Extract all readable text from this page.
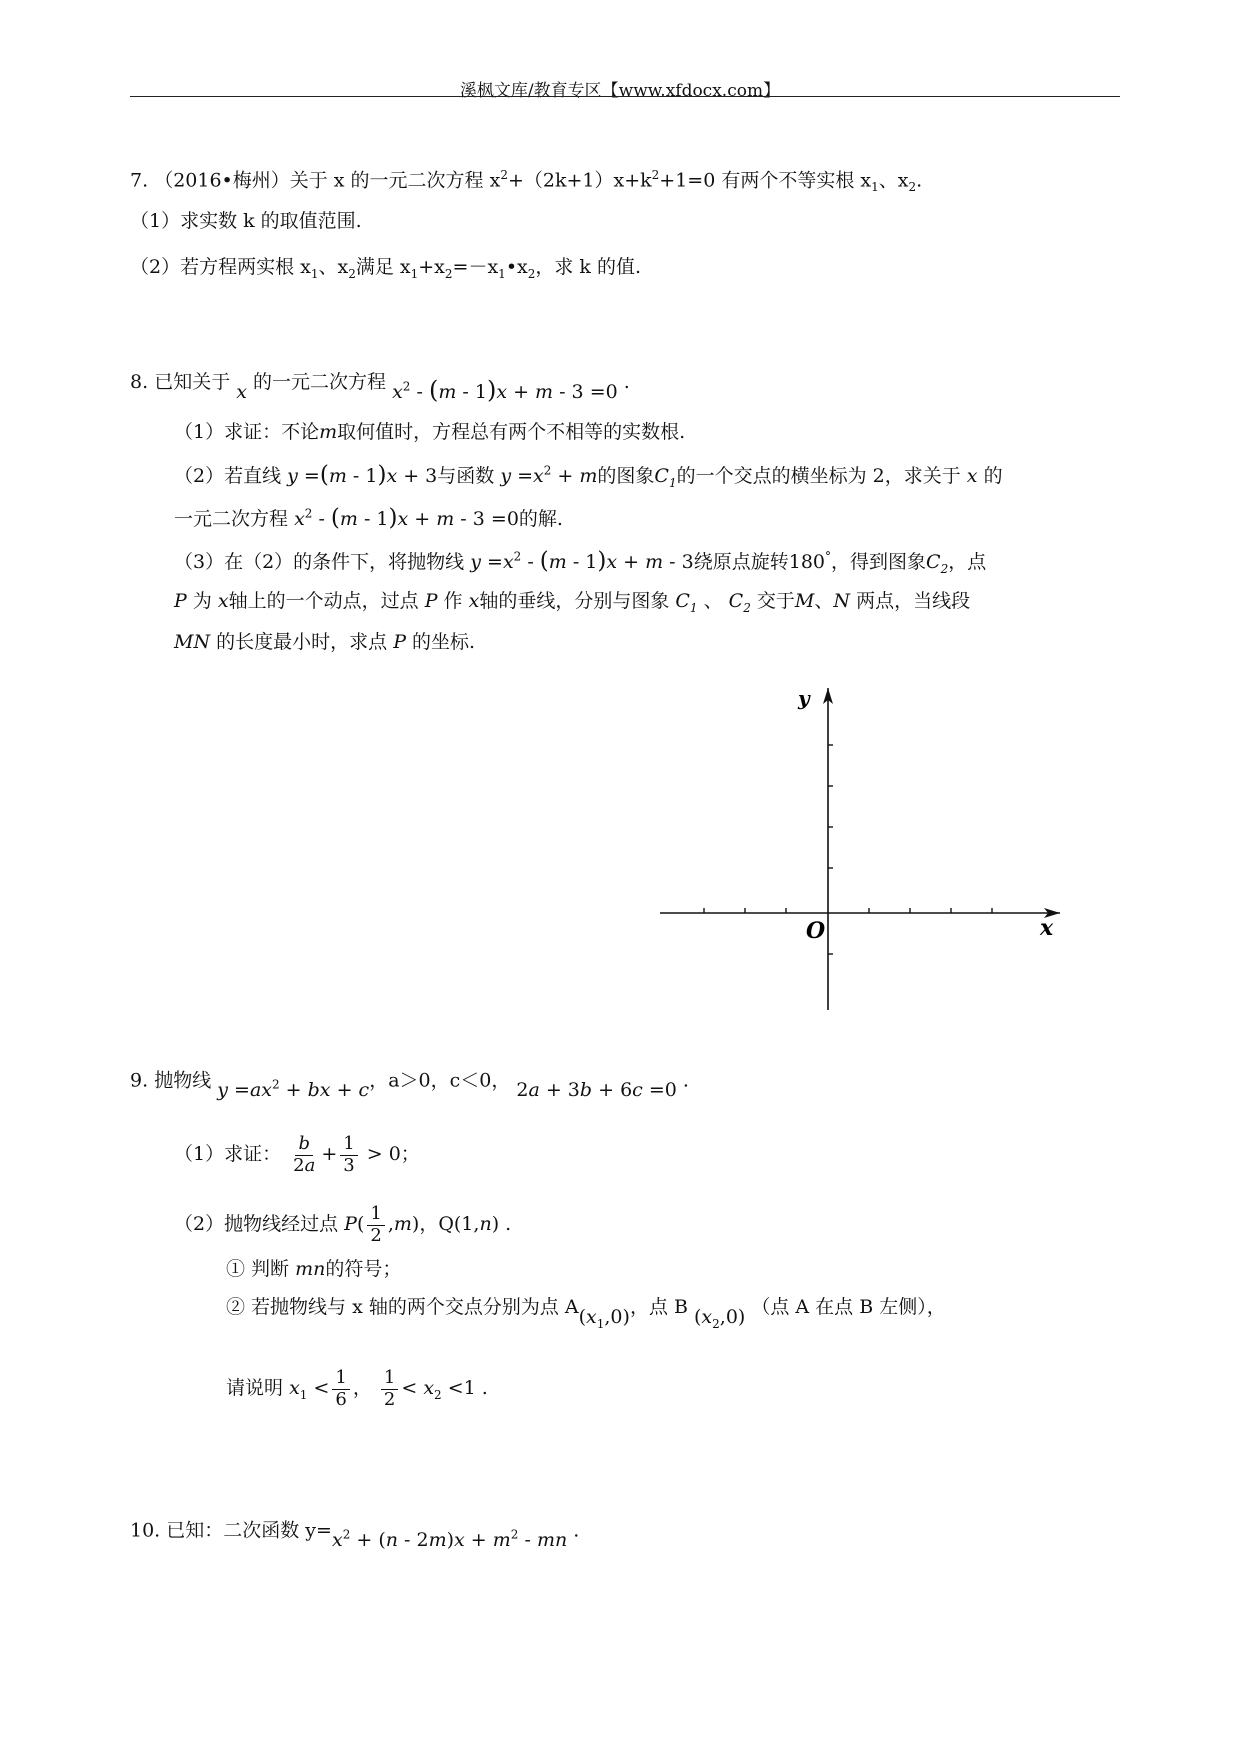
溪枫文库/教育专区【www.xfdocx.com】
7. （2016•梅州）关于 x 的一元二次方程 $x^2+(2k+1)x+k^2+1=0$ 有两个不等实根 $x_1$、$x_2$.
（1）求实数 k 的取值范围.
（2）若方程两实根 $x_1$、$x_2$满足 $x_1+x_2=-x_1•x_2$，求 k 的值.
8. 已知关于 x 的一元二次方程 $x^2 - (m - 1)x + m - 3 =0$ .
（1）求证：不论m取何值时，方程总有两个不相等的实数根.
（2）若直线 y =(m - 1)x + 3与函数 $y =x^2 + m$的图象$C_1$的一个交点的横坐标为 2，求关于 x 的
一元二次方程 $x^2 - (m - 1)x + m - 3 =0$的解.
（3）在（2）的条件下，将抛物线 $y =x^2 - (m - 1)x + m - 3$绕原点旋转180°，得到图象$C_2$，点
P 为 x轴上的一个动点，过点 P 作 x轴的垂线，分别与图象 $C_1$ 、 $C_2$ 交于M、N 两点，当线段
MN 的长度最小时，求点 P 的坐标.
y
x
O
9. 抛物线 $y =ax^2$ + bx + c，a＞0，c＜0， 2a + 3b + 6c =0 .
（1）求证： $\frac{b}{2a} + \frac{1}{3} > 0$；
（2）抛物线经过点 $P( \frac{1}{2} ,m)$，Q(1,n) .
① 判断 mn的符号；
② 若抛物线与 x 轴的两个交点分别为点 $A(x_1,0)$，点 B $(x_2,0)$ （点 A 在点 B 左侧），
请说明 $x_1 < \frac{1}{6}$ ， $\frac{1}{2} < x_2 <1$ .
10. 已知：二次函数 $y=x^2 + (n - 2m)x + m^2$ - mn .
